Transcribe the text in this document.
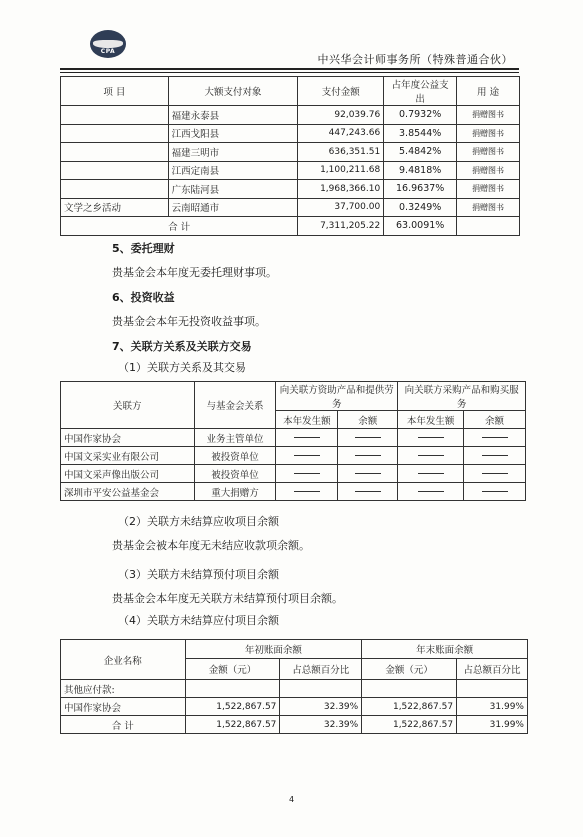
CPA
中兴华会计师事务所（特殊普通合伙）
项 目	大额支付对象	支付金额	占年度公益支出	用 途
	福建永泰县	92,039.76	0.7932%	捐赠图书
	江西戈阳县	447,243.66	3.8544%	捐赠图书
	福建三明市	636,351.51	5.4842%	捐赠图书
	江西定南县	1,100,211.68	9.4818%	捐赠图书
	广东陆河县	1,968,366.10	16.9637%	捐赠图书
文学之乡活动	云南昭通市	37,700.00	0.3249%	捐赠图书
合 计		7,311,205.22	63.0091%	
5、委托理财
贵基金会本年度无委托理财事项。
6、投资收益
贵基金会本年无投资收益事项。
7、关联方关系及关联方交易
（1）关联方关系及其交易
关联方	与基金会关系	向关联方资助产品和提供劳务		向关联方采购产品和购买服务	
		本年发生额	余额	本年发生额	余额
中国作家协会	业务主管单位				
中国文采实业有限公司	被投资单位				
中国文采声像出版公司	被投资单位				
深圳市平安公益基金会	重大捐赠方				
（2）关联方未结算应收项目余额
贵基金会被本年度无未结应收款项余额。
（3）关联方未结算预付项目余额
贵基金会本年度无关联方未结算预付项目余额。
（4）关联方未结算应付项目余额
企业名称	年初账面余额		年末账面余额	
	金额（元）	占总额百分比	金额（元）	占总额百分比
其他应付款:				
中国作家协会	1,522,867.57	32.39%	1,522,867.57	31.99%
合 计	1,522,867.57	32.39%	1,522,867.57	31.99%
4
